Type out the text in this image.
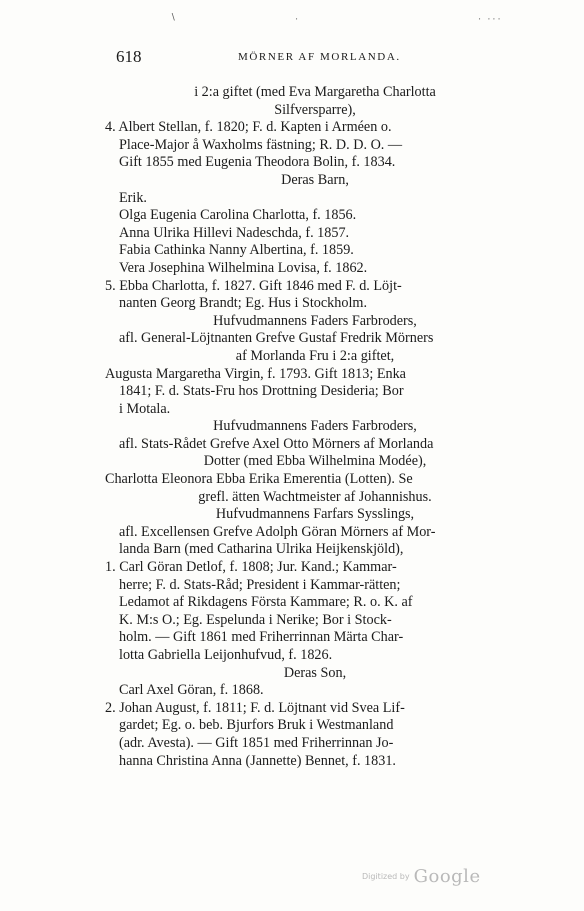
∖	⋅	⋅ ⋅⋅⋅
618	MÖRNER AF MORLANDA.
i 2:a giftet (med Eva Margaretha Charlotta
Silfversparre),
4. Albert Stellan, f. 1820; F. d. Kapten i Arméen o.
Place-Major å Waxholms fästning; R. D. D. O. —
Gift 1855 med Eugenia Theodora Bolin, f. 1834.
Deras Barn,
Erik.
Olga Eugenia Carolina Charlotta, f. 1856.
Anna Ulrika Hillevi Nadeschda, f. 1857.
Fabia Cathinka Nanny Albertina, f. 1859.
Vera Josephina Wilhelmina Lovisa, f. 1862.
5. Ebba Charlotta, f. 1827. Gift 1846 med F. d. Löjt-
nanten Georg Brandt; Eg. Hus i Stockholm.
Hufvudmannens Faders Farbroders,
afl. General-Löjtnanten Grefve Gustaf Fredrik Mörners
af Morlanda Fru i 2:a giftet,
Augusta Margaretha Virgin, f. 1793. Gift 1813; Enka
1841; F. d. Stats-Fru hos Drottning Desideria; Bor
i Motala.
Hufvudmannens Faders Farbroders,
afl. Stats-Rådet Grefve Axel Otto Mörners af Morlanda
Dotter (med Ebba Wilhelmina Modée),
Charlotta Eleonora Ebba Erika Emerentia (Lotten). Se
grefl. ätten Wachtmeister af Johannishus.
Hufvudmannens Farfars Sysslings,
afl. Excellensen Grefve Adolph Göran Mörners af Mor-
landa Barn (med Catharina Ulrika Heijkenskjöld),
1. Carl Göran Detlof, f. 1808; Jur. Kand.; Kammar-
herre; F. d. Stats-Råd; President i Kammar-rätten;
Ledamot af Rikdagens Första Kammare; R. o. K. af
K. M:s O.; Eg. Espelunda i Nerike; Bor i Stock-
holm. — Gift 1861 med Friherrinnan Märta Char-
lotta Gabriella Leijonhufvud, f. 1826.
Deras Son,
Carl Axel Göran, f. 1868.
2. Johan August, f. 1811; F. d. Löjtnant vid Svea Lif-
gardet; Eg. o. beb. Bjurfors Bruk i Westmanland
(adr. Avesta). — Gift 1851 med Friherrinnan Jo-
hanna Christina Anna (Jannette) Bennet, f. 1831.
Digitized by Google
